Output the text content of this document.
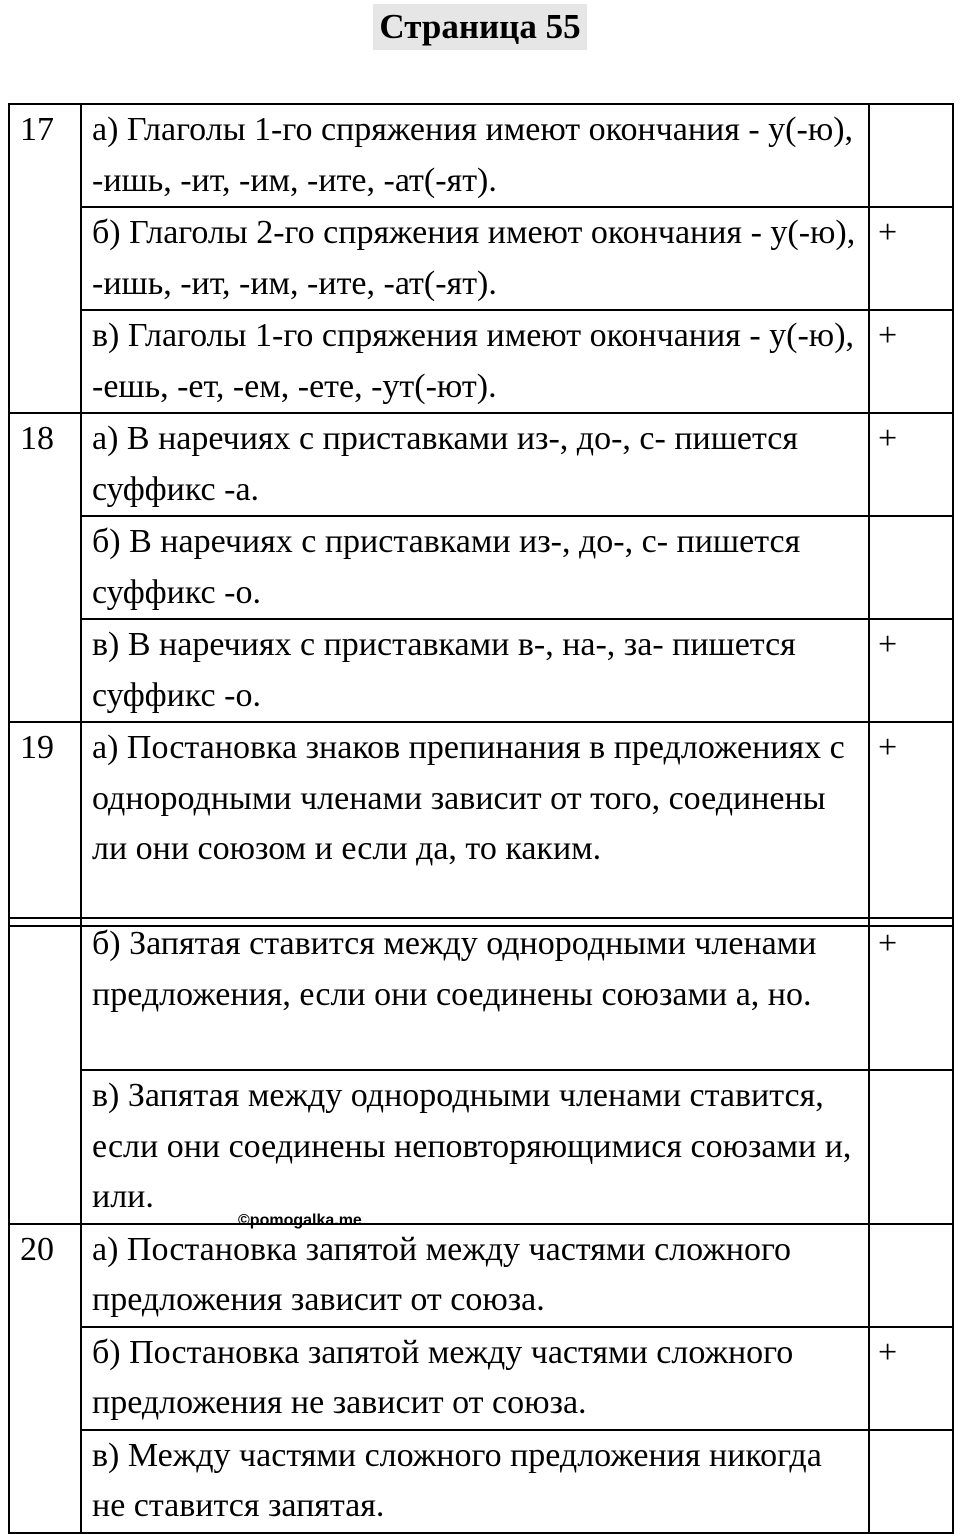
Страница 55
17	а) Глаголы 1-го спряжения имеют окончания - у(-ю), -ишь, -ит, -им, -ите, -ат(-ят).	
	б) Глаголы 2-го спряжения имеют окончания - у(-ю), -ишь, -ит, -им, -ите, -ат(-ят).	+
	в) Глаголы 1-го спряжения имеют окончания - у(-ю), -ешь, -ет, -ем, -ете, -ут(-ют).	+
18	а) В наречиях с приставками из-, до-, с- пишется суффикс -а.	+
	б) В наречиях с приставками из-, до-, с- пишется суффикс -о.	
	в) В наречиях с приставками в-, на-, за- пишется суффикс -о.	+
19	а) Постановка знаков препинания в предложениях с однородными членами зависит от того, соединены ли они союзом и если да, то каким.	+
	б) Запятая ставится между однородными членами предложения, если они соединены союзами а, но.	+
	в) Запятая между однородными членами ставится, если они соединены неповторяющимися союзами и, или.	
20	а) Постановка запятой между частями сложного предложения зависит от союза.	
	б) Постановка запятой между частями сложного предложения не зависит от союза.	+
	в) Между частями сложного предложения никогда не ставится запятая.	
©pomogalka.me
